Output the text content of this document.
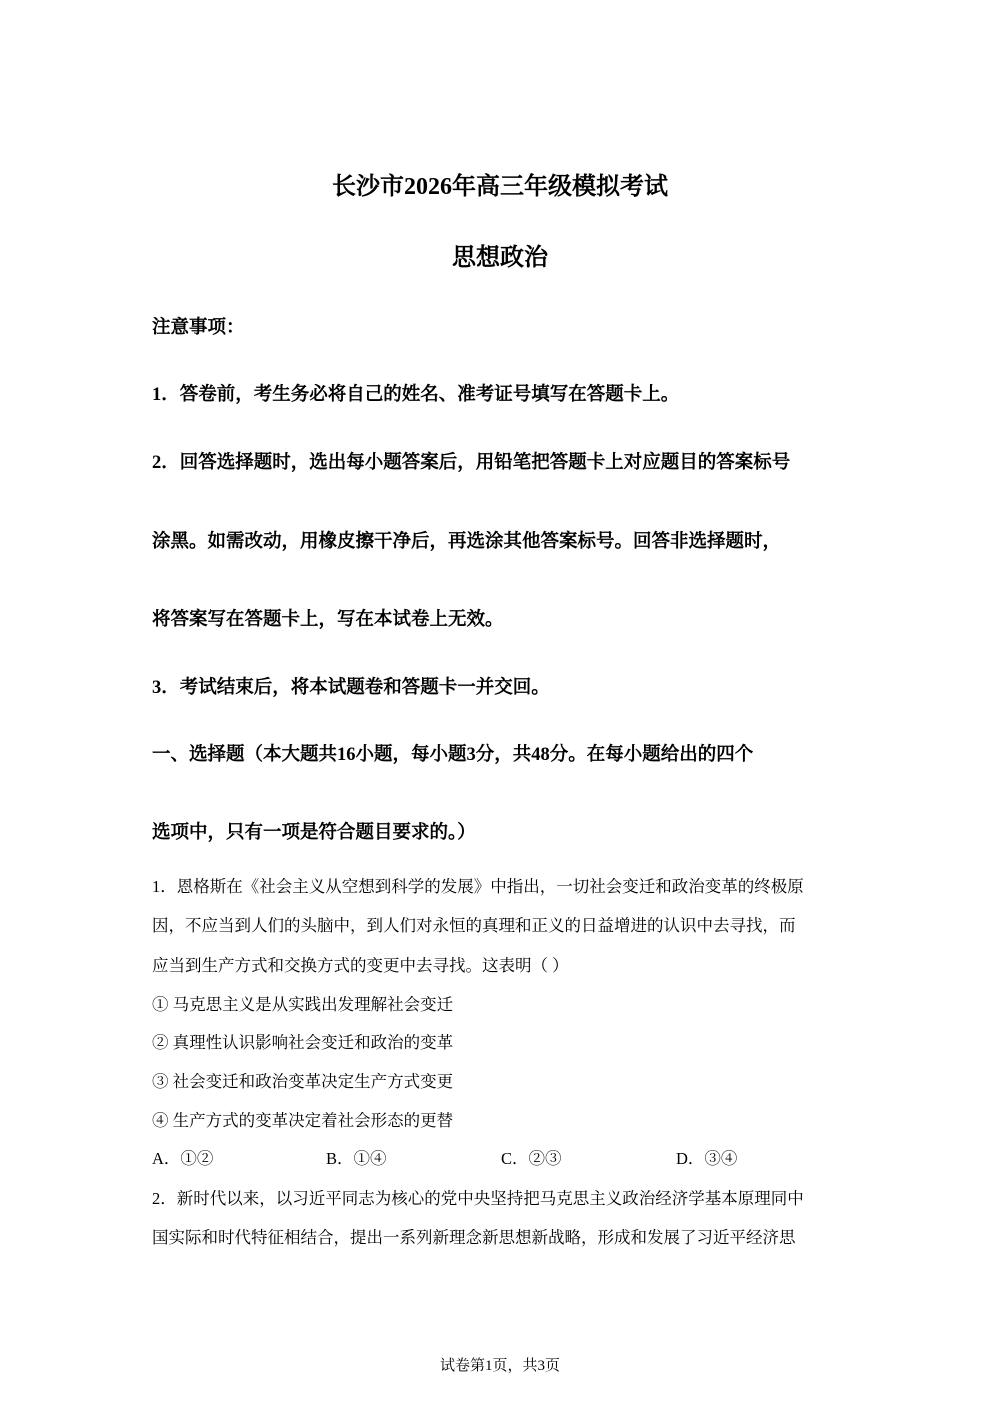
长沙市2026年高三年级模拟考试
思想政治
注意事项：
1．答卷前，考生务必将自己的姓名、准考证号填写在答题卡上。
2．回答选择题时，选出每小题答案后，用铅笔把答题卡上对应题目的答案标号
涂黑。如需改动，用橡皮擦干净后，再选涂其他答案标号。回答非选择题时，
将答案写在答题卡上，写在本试卷上无效。
3．考试结束后，将本试题卷和答题卡一并交回。
一、选择题（本大题共16小题，每小题3分，共48分。在每小题给出的四个
选项中，只有一项是符合题目要求的。）
1．恩格斯在《社会主义从空想到科学的发展》中指出，一切社会变迁和政治变革的终极原
因，不应当到人们的头脑中，到人们对永恒的真理和正义的日益增进的认识中去寻找，而
应当到生产方式和交换方式的变更中去寻找。这表明（ ）
① 马克思主义是从实践出发理解社会变迁
② 真理性认识影响社会变迁和政治的变革
③ 社会变迁和政治变革决定生产方式变更
④ 生产方式的变革决定着社会形态的更替
A．①②	B．①④	C．②③	D．③④
2．新时代以来，以习近平同志为核心的党中央坚持把马克思主义政治经济学基本原理同中
国实际和时代特征相结合，提出一系列新理念新思想新战略，形成和发展了习近平经济思
试卷第1页，共3页
